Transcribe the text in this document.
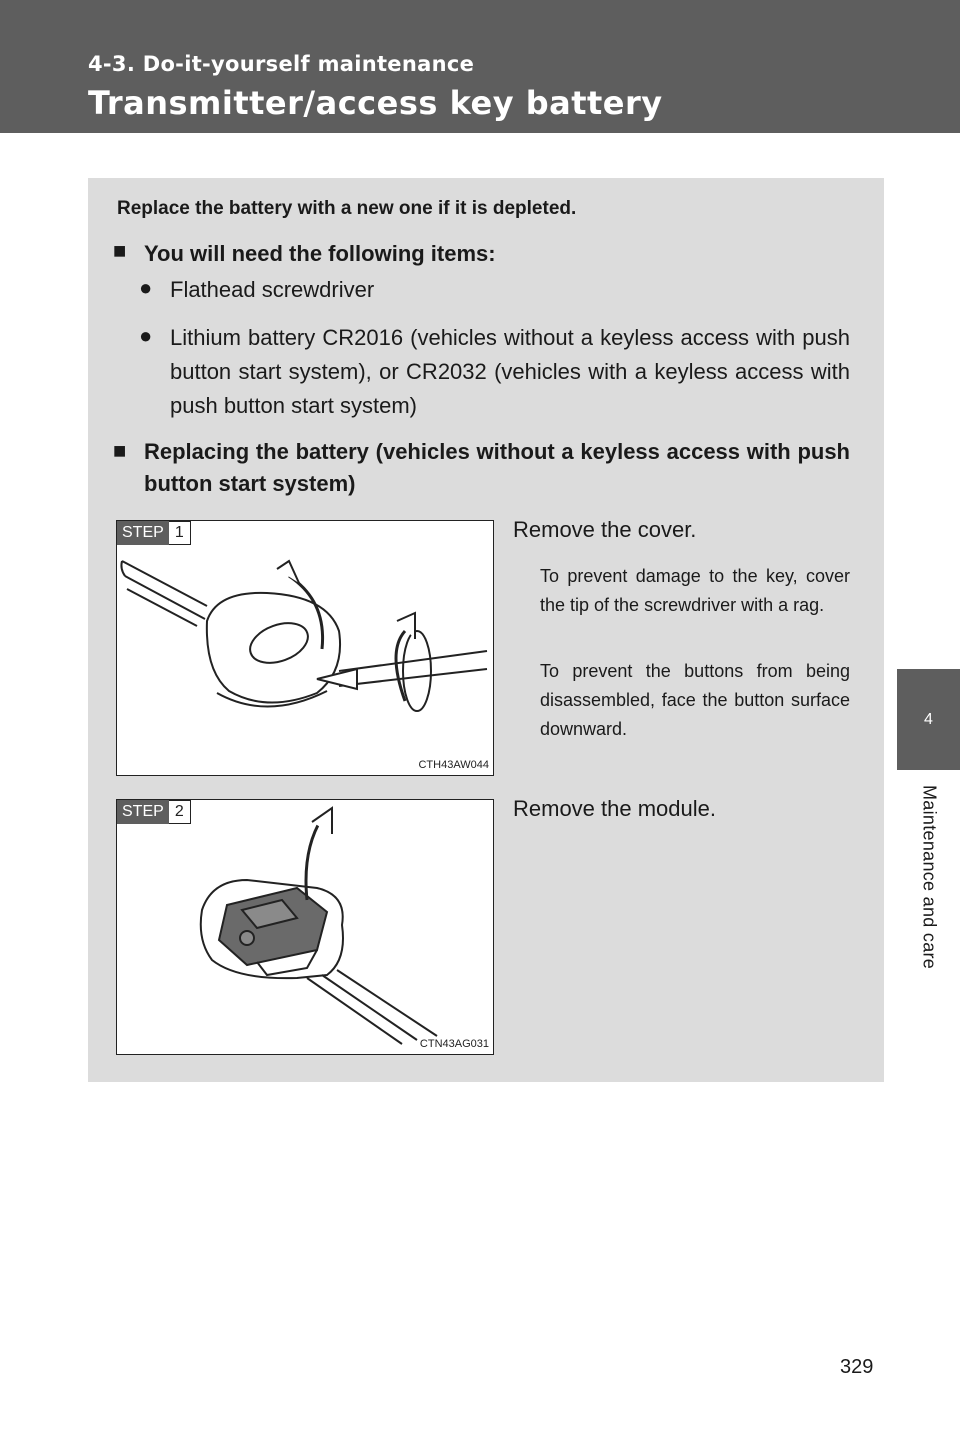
4-3. Do-it-yourself maintenance
Transmitter/access key battery
4
Maintenance and care
Replace the battery with a new one if it is depleted.
■ You will need the following items:
● Flathead screwdriver
● Lithium battery CR2016 (vehicles without a keyless access with push button start system), or CR2032 (vehicles with a keyless access with push button start system)
■ Replacing the battery (vehicles without a keyless access with push button start system)
STEP 1
CTH43AW044
Remove the cover.
To prevent damage to the key, cover the tip of the screwdriver with a rag.
To prevent the buttons from being disassembled, face the button surface downward.
STEP 2
CTN43AG031
Remove the module.
329
